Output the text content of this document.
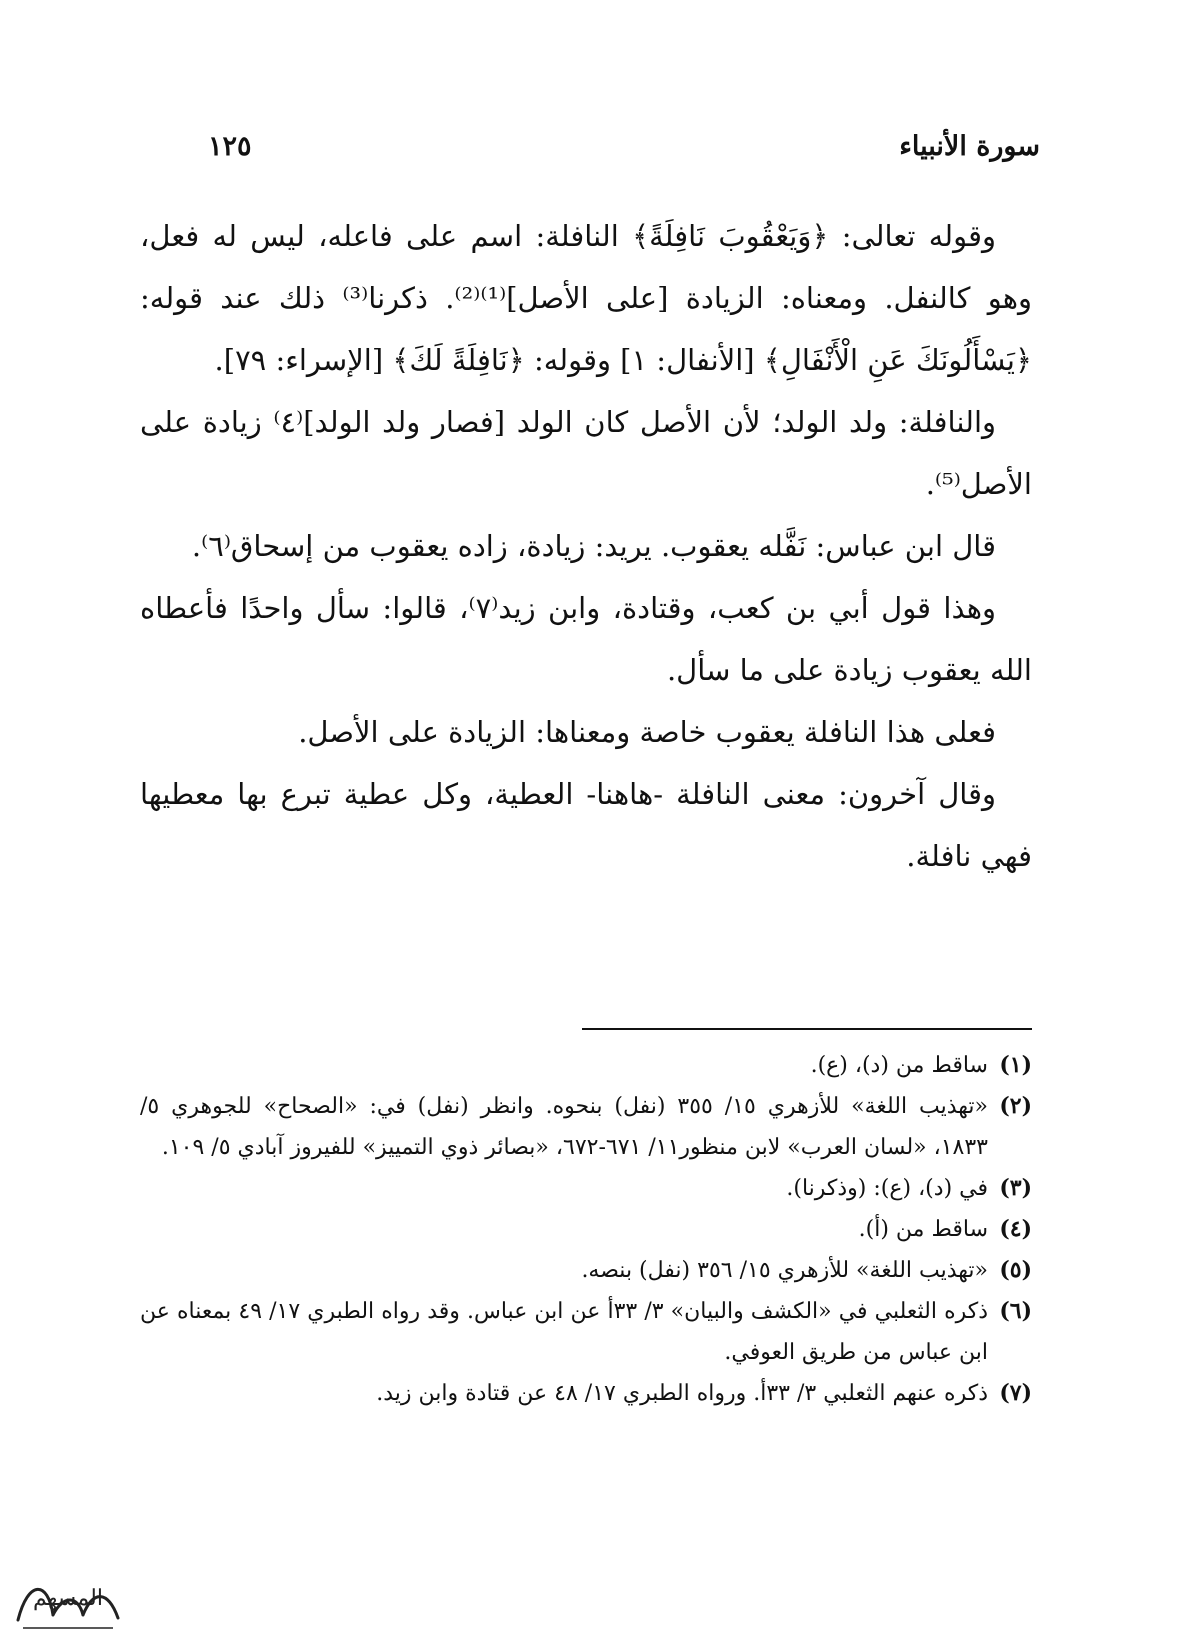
سورة الأنبياء
١٢٥

وقوله تعالى: ﴿وَيَعْقُوبَ نَافِلَةً﴾ النافلة: اسم على فاعله، ليس له فعل، وهو كالنفل. ومعناه: الزيادة [على الأصل]⁽¹⁾⁽²⁾. ذكرنا⁽³⁾ ذلك عند قوله: ﴿يَسْأَلُونَكَ عَنِ الْأَنْفَالِ﴾ [الأنفال: ١] وقوله: ﴿نَافِلَةً لَكَ﴾ [الإسراء: ٧٩].

والنافلة: ولد الولد؛ لأن الأصل كان الولد [فصار ولد الولد]⁽٤⁾ زيادة على الأصل⁽⁵⁾.

قال ابن عباس: نَفَّله يعقوب. يريد: زيادة، زاده يعقوب من إسحاق⁽٦⁾.

وهذا قول أبي بن كعب، وقتادة، وابن زيد⁽٧⁾، قالوا: سأل واحدًا فأعطاه الله يعقوب زيادة على ما سأل.

فعلى هذا النافلة يعقوب خاصة ومعناها: الزيادة على الأصل.

وقال آخرون: معنى النافلة -هاهنا- العطية، وكل عطية تبرع بها معطيها فهي نافلة.

(١)
ساقط من (د)، (ع).
(٢)
«تهذيب اللغة» للأزهري ١٥/ ٣٥٥ (نفل) بنحوه. وانظر (نفل) في: «الصحاح» للجوهري ٥/ ١٨٣٣، «لسان العرب» لابن منظور١١/ ٦٧١-٦٧٢، «بصائر ذوي التمييز» للفيروز آبادي ٥/ ١٠٩.
(٣)
في (د)، (ع): (وذكرنا).
(٤)
ساقط من (أ).
(٥)
«تهذيب اللغة» للأزهري ١٥/ ٣٥٦ (نفل) بنصه.
(٦)
ذكره الثعلبي في «الكشف والبيان» ٣/ ٣٣أ عن ابن عباس. وقد رواه الطبري ١٧/ ٤٩ بمعناه عن ابن عباس من طريق العوفي.
(٧)
ذكره عنهم الثعلبي ٣/ ٣٣أ. ورواه الطبري ١٧/ ٤٨ عن قتادة وابن زيد.
المسهم
